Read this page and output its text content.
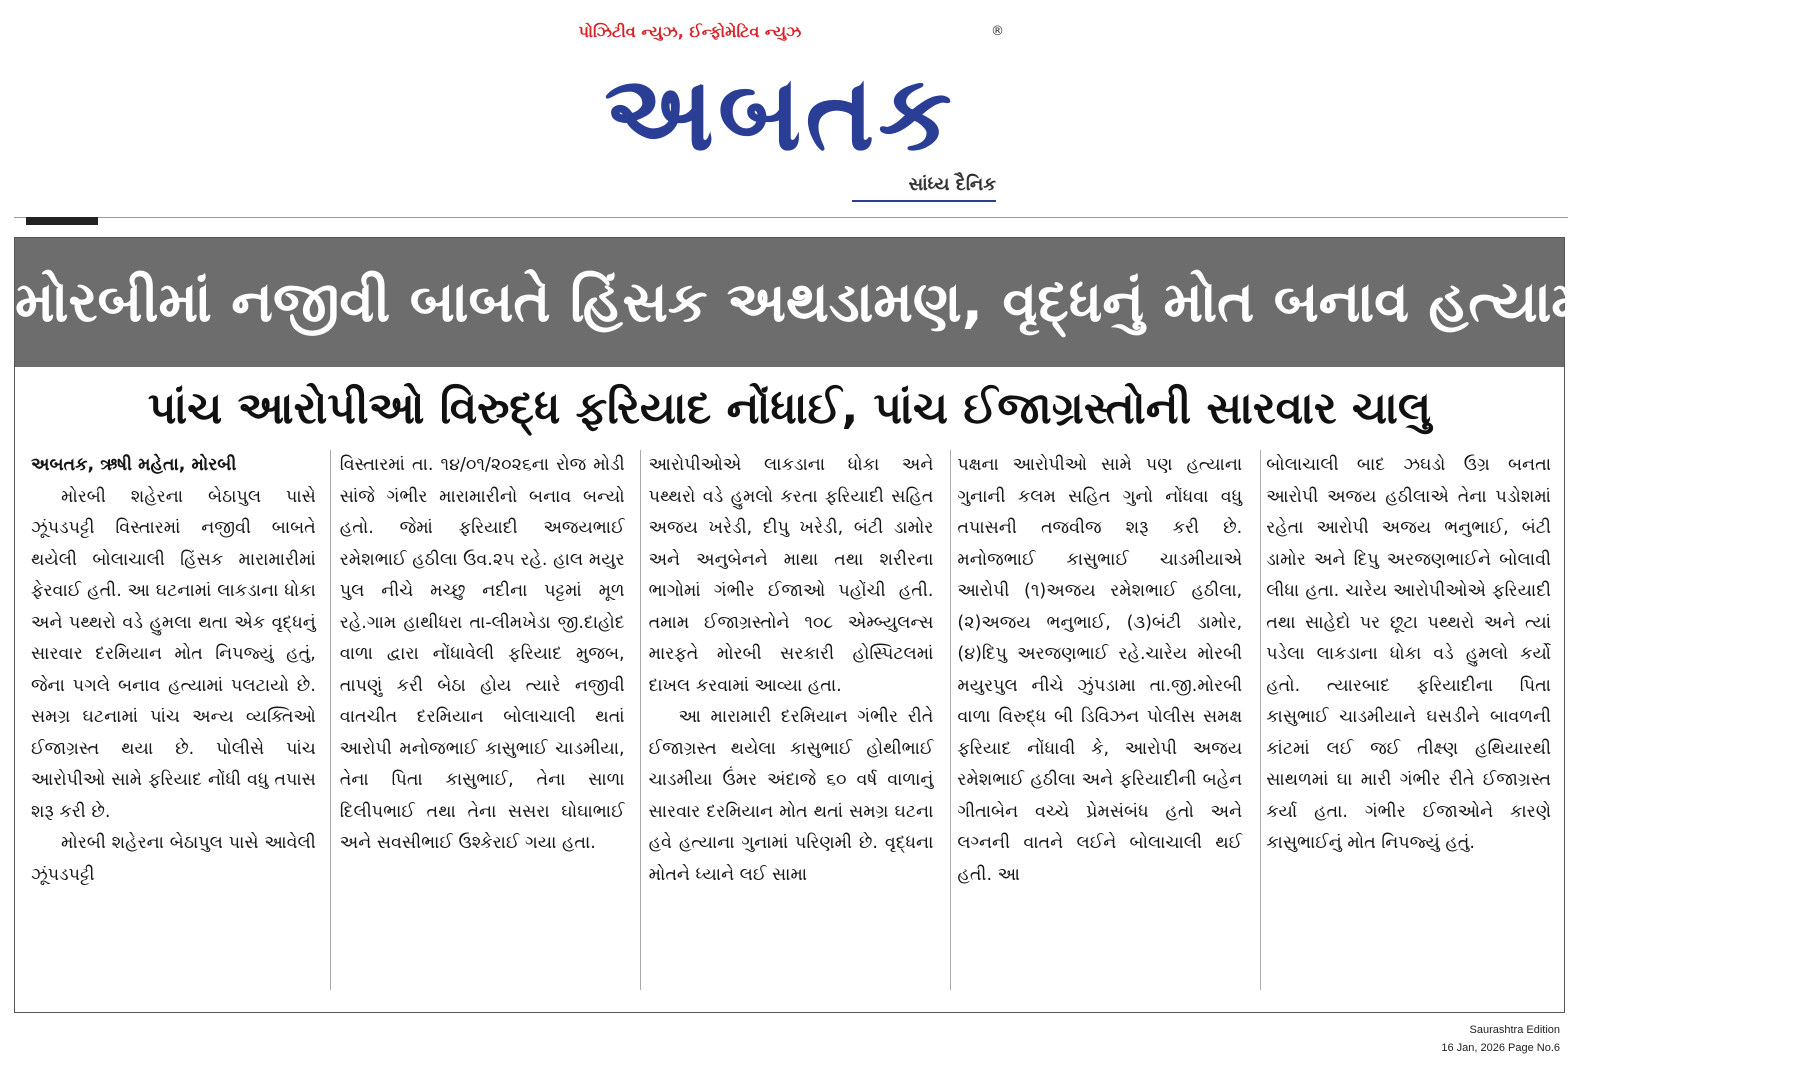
પોઝિટીવ ન્યુઝ, ઈન્ફોમેટિવ ન્યુઝ	®
અબતક
સાંધ્ય દૈનિક
મોરબીમાં નજીવી બાબતે હિંસક અથડામણ, વૃદ્ધનું મોત બનાવ હત્યામાં પલટાયો
પાંચ આરોપીઓ વિરુદ્ધ ફરિયાદ નોંધાઈ, પાંચ ઈજાગ્રસ્તોની સારવાર ચાલુ

અબતક, ઋષી મહેતા, મોરબી

મોરબી શહેરના બેઠાપુલ પાસે ઝૂંપડપટ્ટી વિસ્તારમાં નજીવી બાબતે થયેલી બોલાચાલી હિંસક મારામારીમાં ફેરવાઈ હતી. આ ઘટનામાં લાકડાના ધોકા અને પથ્થરો વડે હુમલા થતા એક વૃદ્ધનું સારવાર દરમિયાન મોત નિપજ્યું હતું, જેના પગલે બનાવ હત્યામાં પલટાયો છે. સમગ્ર ઘટનામાં પાંચ અન્ય વ્યક્તિઓ ઈજાગ્રસ્ત થયા છે. પોલીસે પાંચ આરોપીઓ સામે ફરિયાદ નોંધી વધુ તપાસ શરૂ કરી છે.

મોરબી શહેરના બેઠાપુલ પાસે આવેલી ઝૂંપડપટ્ટી

વિસ્તારમાં તા. ૧૪/૦૧/૨૦૨૬ના રોજ મોડી સાંજે ગંભીર મારામારીનો બનાવ બન્યો હતો. જેમાં ફરિયાદી અજયભાઈ રમેશભાઈ હઠીલા ઉવ.૨૫ રહે. હાલ મયુર પુલ નીચે મચ્છુ નદીના પટ્ટમાં મૂળ રહે.ગામ હાથીધરા તા-લીમખેડા જી.દાહોદ વાળા દ્વારા નોંધાવેલી ફરિયાદ મુજબ, તાપણું કરી બેઠા હોય ત્યારે નજીવી વાતચીત દરમિયાન બોલાચાલી થતાં આરોપી મનોજભાઈ કાસુભાઈ ચાડમીયા, તેના પિતા કાસુભાઈ, તેના સાળા દિલીપભાઈ તથા તેના સસરા ઘોઘાભાઈ અને સવસીભાઈ ઉશ્કેરાઈ ગયા હતા.

આરોપીઓએ લાકડાના ધોકા અને પથ્થરો વડે હુમલો કરતા ફરિયાદી સહિત અજય ખરેડી, દીપુ ખરેડી, બંટી ડામોર અને અનુબેનને માથા તથા શરીરના ભાગોમાં ગંભીર ઈજાઓ પહોંચી હતી. તમામ ઈજાગ્રસ્તોને ૧૦૮ એમ્બ્યુલન્સ મારફતે મોરબી સરકારી હોસ્પિટલમાં દાખલ કરવામાં આવ્યા હતા.

આ મારામારી દરમિયાન ગંભીર રીતે ઈજાગ્રસ્ત થયેલા કાસુભાઈ હોથીભાઈ ચાડમીયા ઉંમર અંદાજે ૬૦ વર્ષ વાળાનું સારવાર દરમિયાન મોત થતાં સમગ્ર ઘટના હવે હત્યાના ગુનામાં પરિણમી છે. વૃદ્ધના મોતને ધ્યાને લઈ સામા

પક્ષના આરોપીઓ સામે પણ હત્યાના ગુનાની કલમ સહિત ગુનો નોંધવા વધુ તપાસની તજવીજ શરૂ કરી છે. મનોજભાઈ કાસુભાઈ ચાડમીયાએ આરોપી (૧)અજય રમેશભાઈ હઠીલા, (૨)અજય ભનુભાઈ, (૩)બંટી ડામોર, (૪)દિપુ અરજણભાઈ રહે.ચારેય મોરબી મયુરપુલ નીચે ઝુંપડામા તા.જી.મોરબી વાળા વિરુદ્ધ બી ડિવિઝન પોલીસ સમક્ષ ફરિયાદ નોંધાવી કે, આરોપી અજય રમેશભાઈ હઠીલા અને ફરિયાદીની બહેન ગીતાબેન વચ્ચે પ્રેમસંબંધ હતો અને લગ્નની વાતને લઈને બોલાચાલી થઈ હતી. આ

બોલાચાલી બાદ ઝઘડો ઉગ્ર બનતા આરોપી અજય હઠીલાએ તેના પડોશમાં રહેતા આરોપી અજય ભનુભાઈ, બંટી ડામોર અને દિપુ અરજણભાઈને બોલાવી લીધા હતા. ચારેય આરોપીઓએ ફરિયાદી તથા સાહેદો પર છૂટા પથ્થરો અને ત્યાં પડેલા લાકડાના ધોકા વડે હુમલો કર્યો હતો. ત્યારબાદ ફરિયાદીના પિતા કાસુભાઈ ચાડમીયાને ઘસડીને બાવળની કાંટમાં લઈ જઈ તીક્ષ્ણ હથિયારથી સાથળમાં ઘા મારી ગંભીર રીતે ઈજાગ્રસ્ત કર્યા હતા. ગંભીર ઈજાઓને કારણે કાસુભાઈનું મોત નિપજ્યું હતું.

Saurashtra Edition
16 Jan, 2026 Page No.6
